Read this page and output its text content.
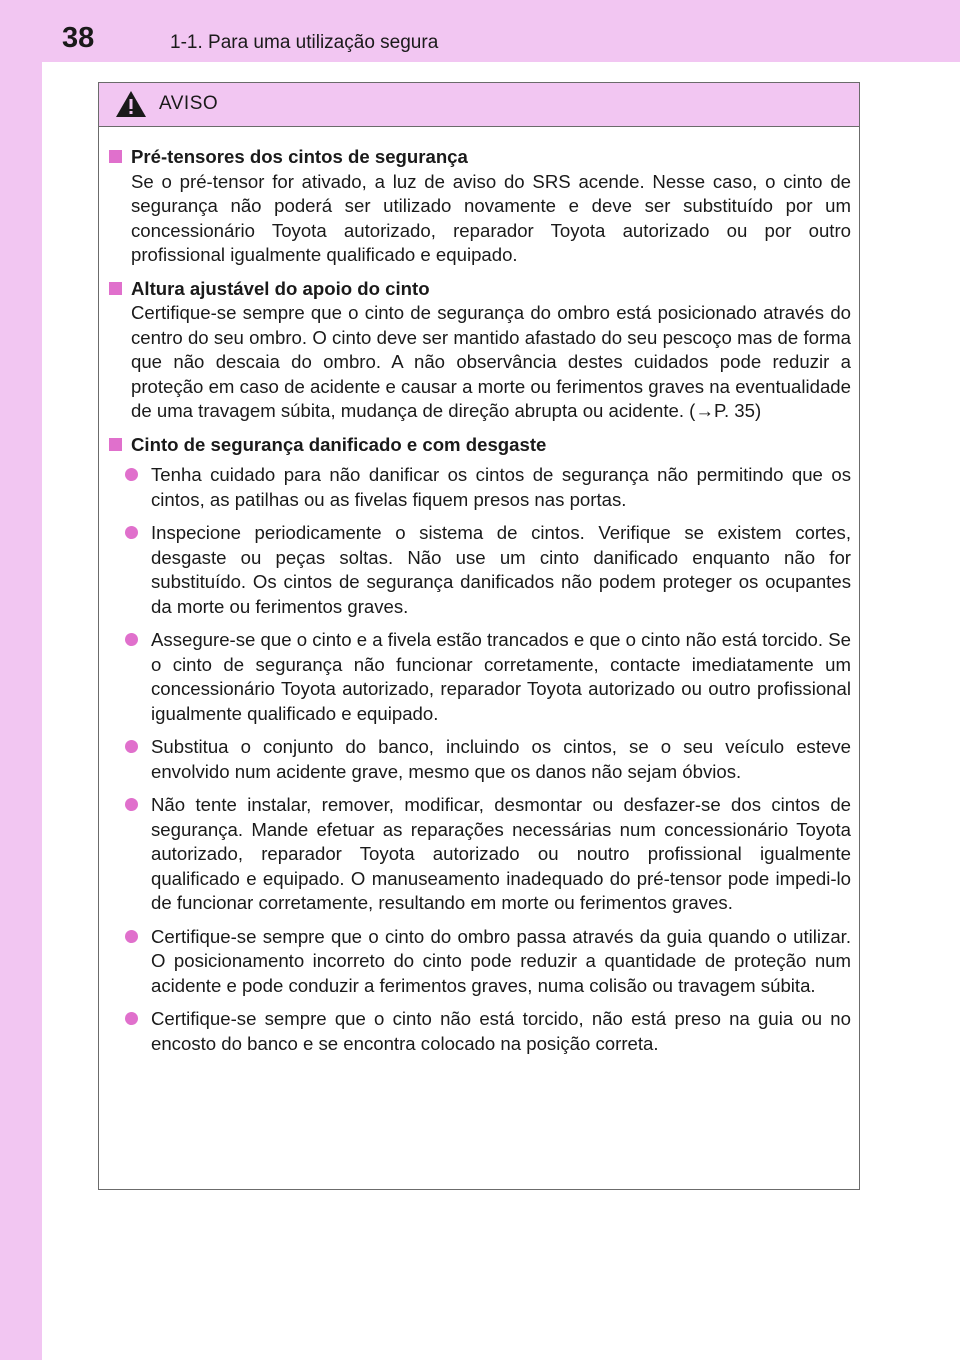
38	1-1. Para uma utilização segura
AVISO
Pré-tensores dos cintos de segurança

Se o pré-tensor for ativado, a luz de aviso do SRS acende. Nesse caso, o cinto de segurança não poderá ser utilizado novamente e deve ser substituído por um concessionário Toyota autorizado, reparador Toyota autorizado ou por outro profissional igualmente qualificado e equipado.

Altura ajustável do apoio do cinto

Certifique-se sempre que o cinto de segurança do ombro está posicionado através do centro do seu ombro. O cinto deve ser mantido afastado do seu pescoço mas de forma que não descaia do ombro. A não observância destes cuidados pode reduzir a proteção em caso de acidente e causar a morte ou ferimentos graves na eventualidade de uma travagem súbita, mudança de direção abrupta ou acidente. (→P. 35)

Cinto de segurança danificado e com desgaste
Tenha cuidado para não danificar os cintos de segurança não permitindo que os cintos, as patilhas ou as fivelas fiquem presos nas portas.
Inspecione periodicamente o sistema de cintos. Verifique se existem cortes, desgaste ou peças soltas. Não use um cinto danificado enquanto não for substituído. Os cintos de segurança danificados não podem proteger os ocupantes da morte ou ferimentos graves.
Assegure-se que o cinto e a fivela estão trancados e que o cinto não está torcido. Se o cinto de segurança não funcionar corretamente, contacte imediatamente um concessionário Toyota autorizado, reparador Toyota autorizado ou outro profissional igualmente qualificado e equipado.
Substitua o conjunto do banco, incluindo os cintos, se o seu veículo esteve envolvido num acidente grave, mesmo que os danos não sejam óbvios.
Não tente instalar, remover, modificar, desmontar ou desfazer-se dos cintos de segurança. Mande efetuar as reparações necessárias num concessionário Toyota autorizado, reparador Toyota autorizado ou noutro profissional igualmente qualificado e equipado. O manuseamento inadequado do pré-tensor pode impedi-lo de funcionar corretamente, resultando em morte ou ferimentos graves.
Certifique-se sempre que o cinto do ombro passa através da guia quando o utilizar. O posicionamento incorreto do cinto pode reduzir a quantidade de proteção num acidente e pode conduzir a ferimentos graves, numa colisão ou travagem súbita.
Certifique-se sempre que o cinto não está torcido, não está preso na guia ou no encosto do banco e se encontra colocado na posição correta.
